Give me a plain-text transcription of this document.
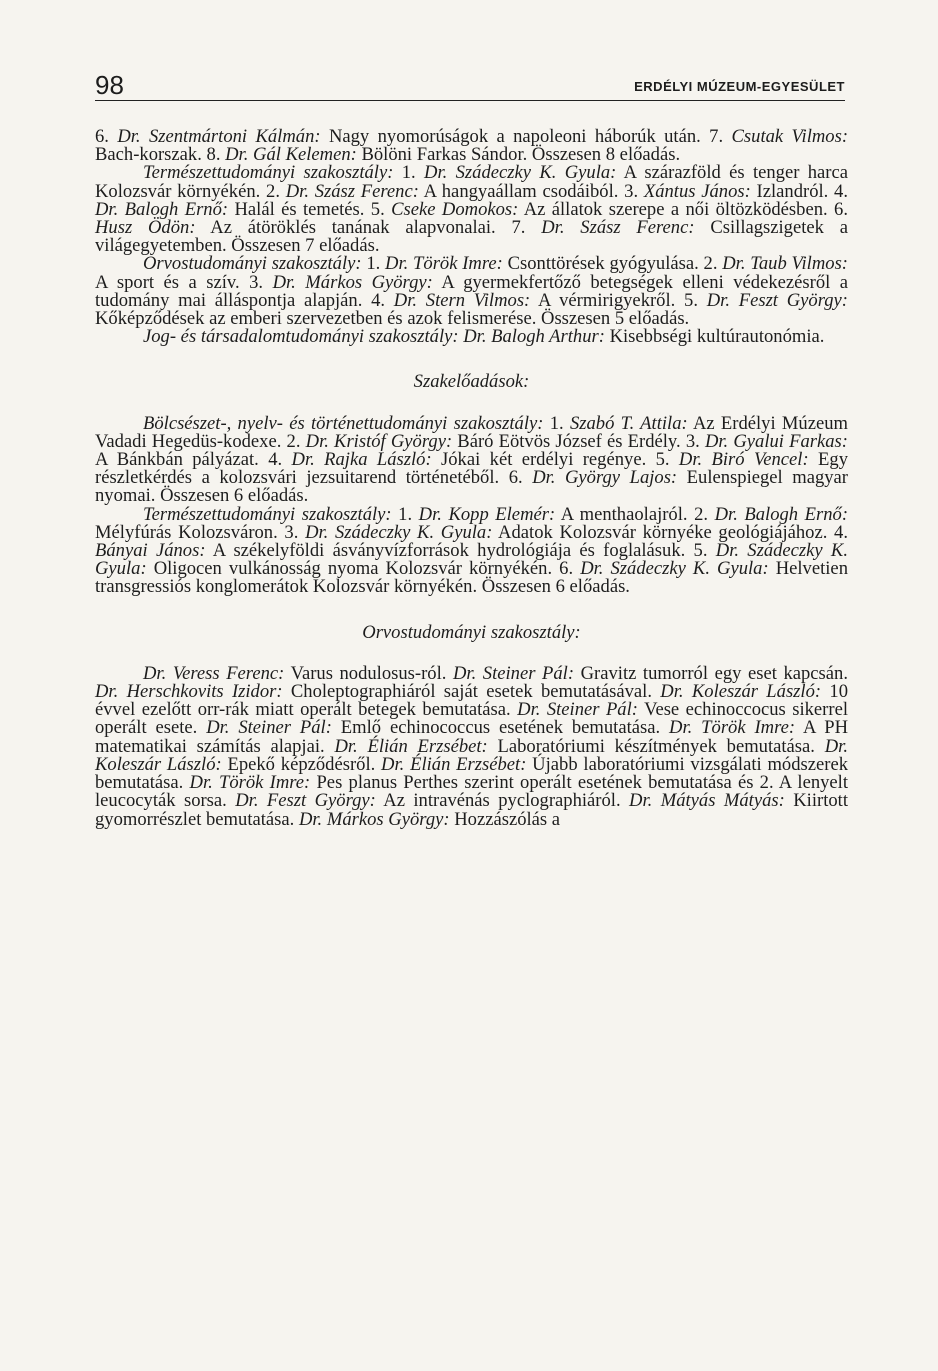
98	ERDÉLYI MÚZEUM-EGYESÜLET

6. Dr. Szentmártoni Kálmán: Nagy nyomorúságok a napoleoni háborúk után. 7. Csutak Vilmos: Bach-korszak. 8. Dr. Gál Kelemen: Bölöni Farkas Sándor. Összesen 8 előadás.

Természettudományi szakosztály: 1. Dr. Szádeczky K. Gyula: A szárazföld és tenger harca Kolozsvár környékén. 2. Dr. Szász Ferenc: A hangyaállam csodáiból. 3. Xántus János: Izlandról. 4. Dr. Balogh Ernő: Halál és temetés. 5. Cseke Domokos: Az állatok szerepe a női öltözködésben. 6. Husz Ödön: Az átöröklés tanának alapvonalai. 7. Dr. Szász Ferenc: Csillagszigetek a világegyetemben. Összesen 7 előadás.

Orvostudományi szakosztály: 1. Dr. Török Imre: Csonttörések gyógyulása. 2. Dr. Taub Vilmos: A sport és a szív. 3. Dr. Márkos György: A gyermekfertőző betegségek elleni védekezésről a tudomány mai álláspontja alapján. 4. Dr. Stern Vilmos: A vérmirigyekről. 5. Dr. Feszt György: Kőképződések az emberi szervezetben és azok felismerése. Összesen 5 előadás.

Jog- és társadalomtudományi szakosztály: Dr. Balogh Arthur: Kisebbségi kultúrautonómia.

Szakelőadások:

Bölcsészet-, nyelv- és történettudományi szakosztály: 1. Szabó T. Attila: Az Erdélyi Múzeum Vadadi Hegedüs-kodexe. 2. Dr. Kristóf György: Báró Eötvös József és Erdély. 3. Dr. Gyalui Farkas: A Bánkbán pályázat. 4. Dr. Rajka László: Jókai két erdélyi regénye. 5. Dr. Biró Vencel: Egy részletkérdés a kolozsvári jezsuitarend történetéből. 6. Dr. György Lajos: Eulenspiegel magyar nyomai. Összesen 6 előadás.

Természettudományi szakosztály: 1. Dr. Kopp Elemér: A menthaolajról. 2. Dr. Balogh Ernő: Mélyfúrás Kolozsváron. 3. Dr. Szádeczky K. Gyula: Adatok Kolozsvár környéke geológiájához. 4. Bányai János: A székelyföldi ásványvízforrások hydrológiája és foglalásuk. 5. Dr. Szádeczky K. Gyula: Oligocen vulkánosság nyoma Kolozsvár környékén. 6. Dr. Szádeczky K. Gyula: Helvetien transgressiós konglomerátok Kolozsvár környékén. Összesen 6 előadás.

Orvostudományi szakosztály:

Dr. Veress Ferenc: Varus nodulosus-ról. Dr. Steiner Pál: Gravitz tumorról egy eset kapcsán. Dr. Herschkovits Izidor: Choleptographiáról saját esetek bemutatásával. Dr. Koleszár László: 10 évvel ezelőtt orr-rák miatt operált betegek bemutatása. Dr. Steiner Pál: Vese echinoccocus sikerrel operált esete. Dr. Steiner Pál: Emlő echinococcus esetének bemutatása. Dr. Török Imre: A PH matematikai számítás alapjai. Dr. Élián Erzsébet: Laboratóriumi készítmények bemutatása. Dr. Koleszár László: Epekő képződésről. Dr. Élián Erzsébet: Újabb laboratóriumi vizsgálati módszerek bemutatása. Dr. Török Imre: Pes planus Perthes szerint operált esetének bemutatása és 2. A lenyelt leucocyták sorsa. Dr. Feszt György: Az intravénás pyclographiáról. Dr. Mátyás Mátyás: Kiirtott gyomorrészlet bemutatása. Dr. Márkos György: Hozzászólás a
